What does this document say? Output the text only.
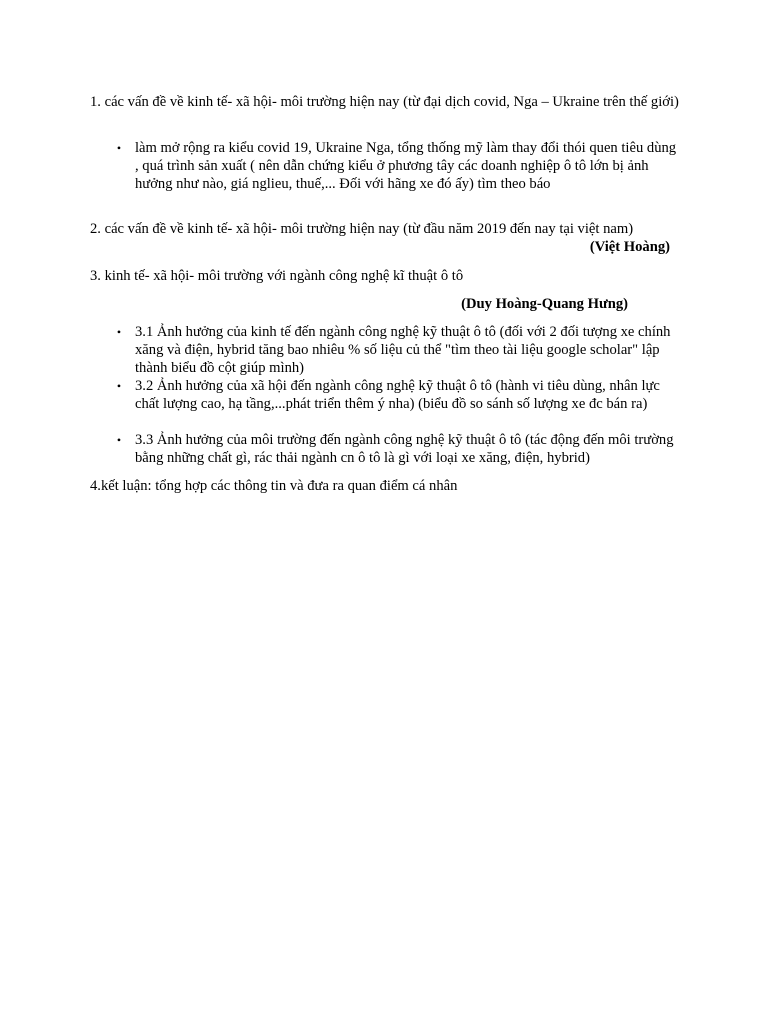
1. các vấn đề về kinh tế- xã hội- môi trường hiện nay (từ đại dịch covid, Nga – Ukraine trên thế giới)

• làm mở rộng ra kiểu covid 19, Ukraine Nga, tổng thống mỹ làm thay đổi thói quen tiêu dùng , quá trình sản xuất ( nên dẫn chứng kiểu ở phương tây các doanh nghiệp ô tô lớn bị ảnh hưởng như nào, giá nglieu, thuế,... Đối với hãng xe đó ấy) tìm theo báo

2. các vấn đề về kinh tế- xã hội- môi trường hiện nay (từ đầu năm 2019 đến nay tại việt nam)

(Việt Hoàng)

3. kinh tế- xã hội- môi trường với ngành công nghệ kĩ thuật ô tô

(Duy Hoàng-Quang Hưng)

• 3.1 Ảnh hưởng của kinh tế đến ngành công nghệ kỹ thuật ô tô (đối với 2 đối tượng xe chính xăng và điện, hybrid tăng bao nhiêu % số liệu củ thể "tìm theo tài liệu google scholar" lập thành biểu đồ cột giúp mình)

• 3.2 Ảnh hưởng của xã hội đến ngành công nghệ kỹ thuật ô tô (hành vi tiêu dùng, nhân lực chất lượng cao, hạ tầng,...phát triển thêm ý nha) (biểu đồ so sánh số lượng xe đc bán ra)

• 3.3 Ảnh hưởng của môi trường đến ngành công nghệ kỹ thuật ô tô (tác động đến môi trường bằng những chất gì, rác thải ngành cn ô tô là gì với loại xe xăng, điện, hybrid)

4.kết luận: tổng hợp các thông tin và đưa ra quan điểm cá nhân
